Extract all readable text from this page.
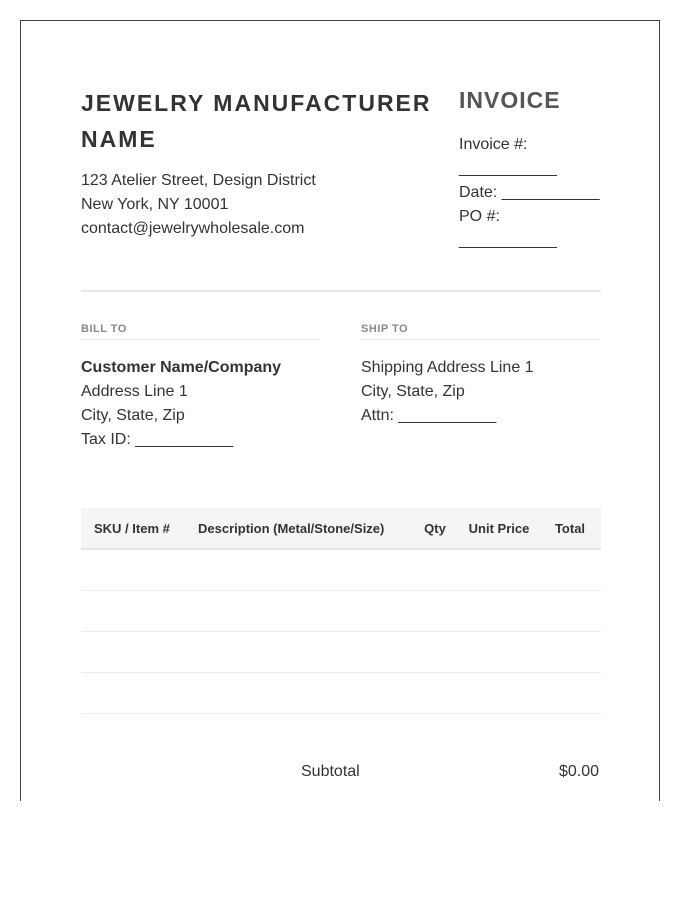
JEWELRY MANUFACTURER NAME
123 Atelier Street, Design District
New York, NY 10001
contact@jewelrywholesale.com
INVOICE
Invoice #: ___________
Date: ___________
PO #: ___________
BILL TO	SHIP TO
Customer Name/Company
Address Line 1
City, State, Zip
Tax ID: ___________
Shipping Address Line 1
City, State, Zip
Attn: ___________
SKU / Item #	Description (Metal/Stone/Size)	Qty	Unit Price	Total
Subtotal	$0.00
